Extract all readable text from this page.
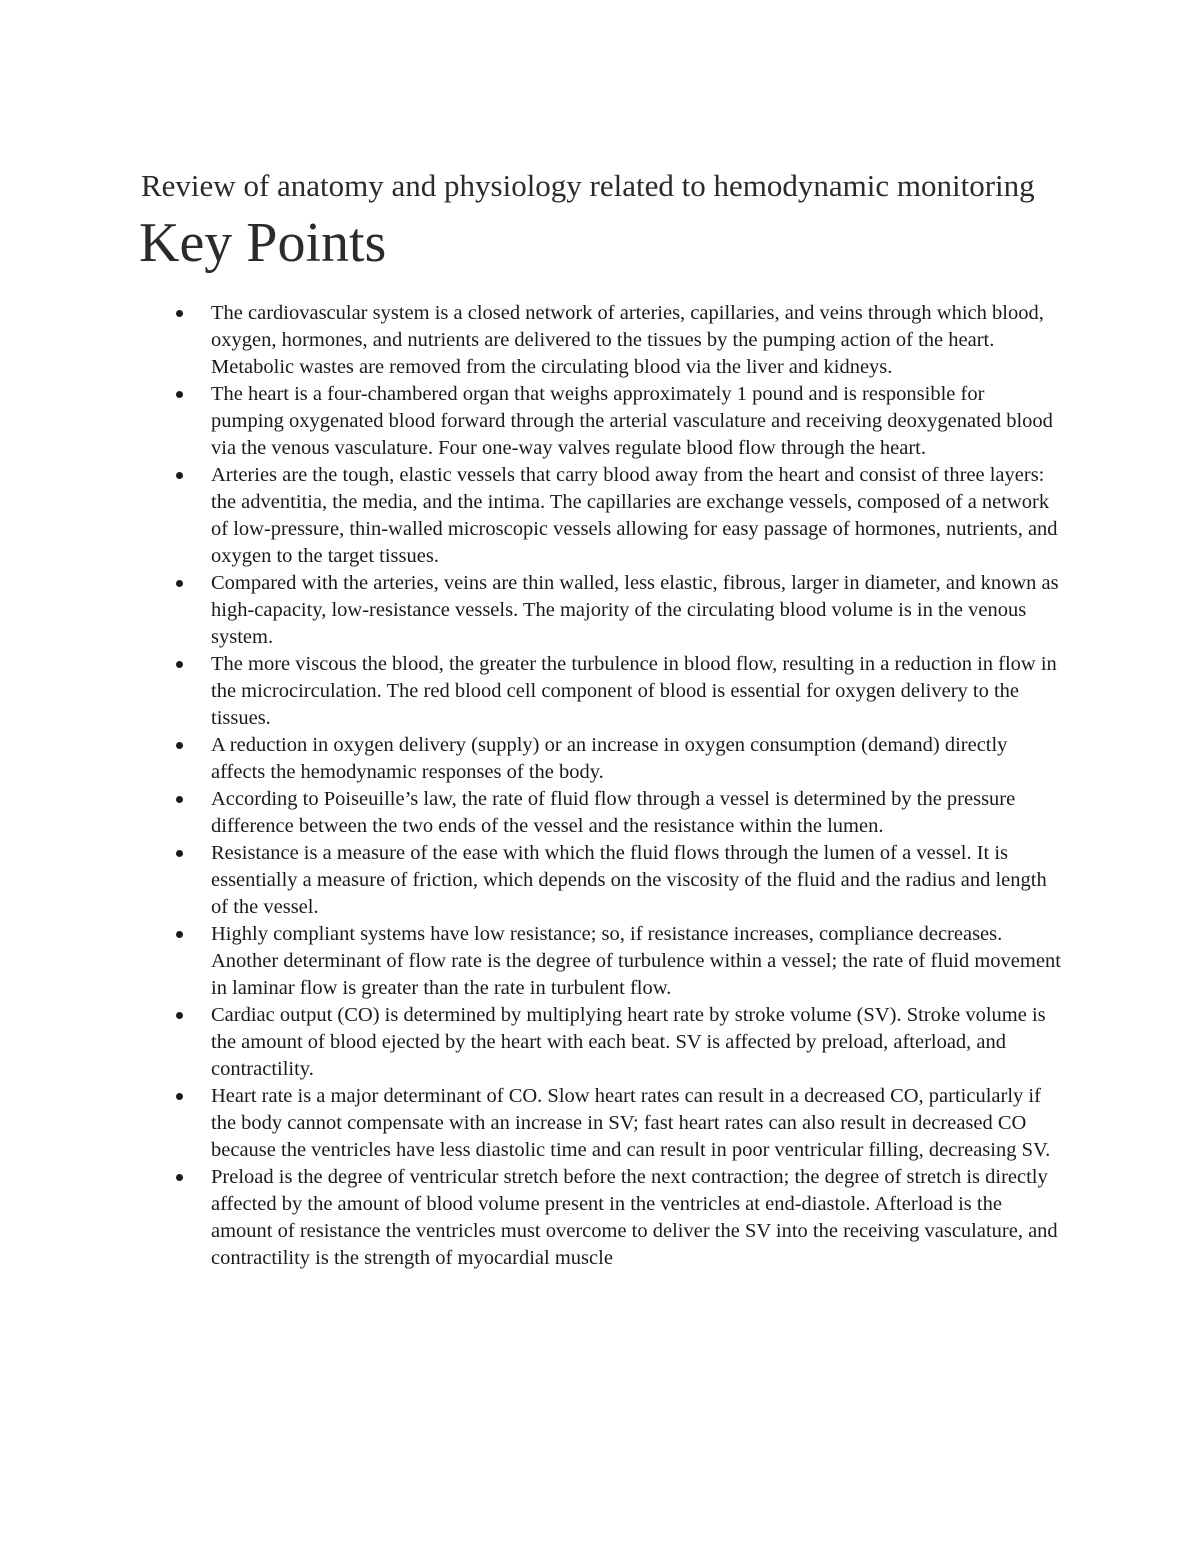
Review of anatomy and physiology related to hemodynamic monitoring
Key Points
The cardiovascular system is a closed network of arteries, capillaries, and veins through which blood, oxygen, hormones, and nutrients are delivered to the tissues by the pumping action of the heart. Metabolic wastes are removed from the circulating blood via the liver and kidneys.
The heart is a four-chambered organ that weighs approximately 1 pound and is responsible for pumping oxygenated blood forward through the arterial vasculature and receiving deoxygenated blood via the venous vasculature. Four one-way valves regulate blood flow through the heart.
Arteries are the tough, elastic vessels that carry blood away from the heart and consist of three layers: the adventitia, the media, and the intima. The capillaries are exchange vessels, composed of a network of low-pressure, thin-walled microscopic vessels allowing for easy passage of hormones, nutrients, and oxygen to the target tissues.
Compared with the arteries, veins are thin walled, less elastic, fibrous, larger in diameter, and known as high-capacity, low-resistance vessels. The majority of the circulating blood volume is in the venous system.
The more viscous the blood, the greater the turbulence in blood flow, resulting in a reduction in flow in the microcirculation. The red blood cell component of blood is essential for oxygen delivery to the tissues.
A reduction in oxygen delivery (supply) or an increase in oxygen consumption (demand) directly affects the hemodynamic responses of the body.
According to Poiseuille’s law, the rate of fluid flow through a vessel is determined by the pressure difference between the two ends of the vessel and the resistance within the lumen.
Resistance is a measure of the ease with which the fluid flows through the lumen of a vessel. It is essentially a measure of friction, which depends on the viscosity of the fluid and the radius and length of the vessel.
Highly compliant systems have low resistance; so, if resistance increases, compliance decreases. Another determinant of flow rate is the degree of turbulence within a vessel; the rate of fluid movement in laminar flow is greater than the rate in turbulent flow.
Cardiac output (CO) is determined by multiplying heart rate by stroke volume (SV). Stroke volume is the amount of blood ejected by the heart with each beat. SV is affected by preload, afterload, and contractility.
Heart rate is a major determinant of CO. Slow heart rates can result in a decreased CO, particularly if the body cannot compensate with an increase in SV; fast heart rates can also result in decreased CO because the ventricles have less diastolic time and can result in poor ventricular filling, decreasing SV.
Preload is the degree of ventricular stretch before the next contraction; the degree of stretch is directly affected by the amount of blood volume present in the ventricles at end-diastole. Afterload is the amount of resistance the ventricles must overcome to deliver the SV into the receiving vasculature, and contractility is the strength of myocardial muscle
